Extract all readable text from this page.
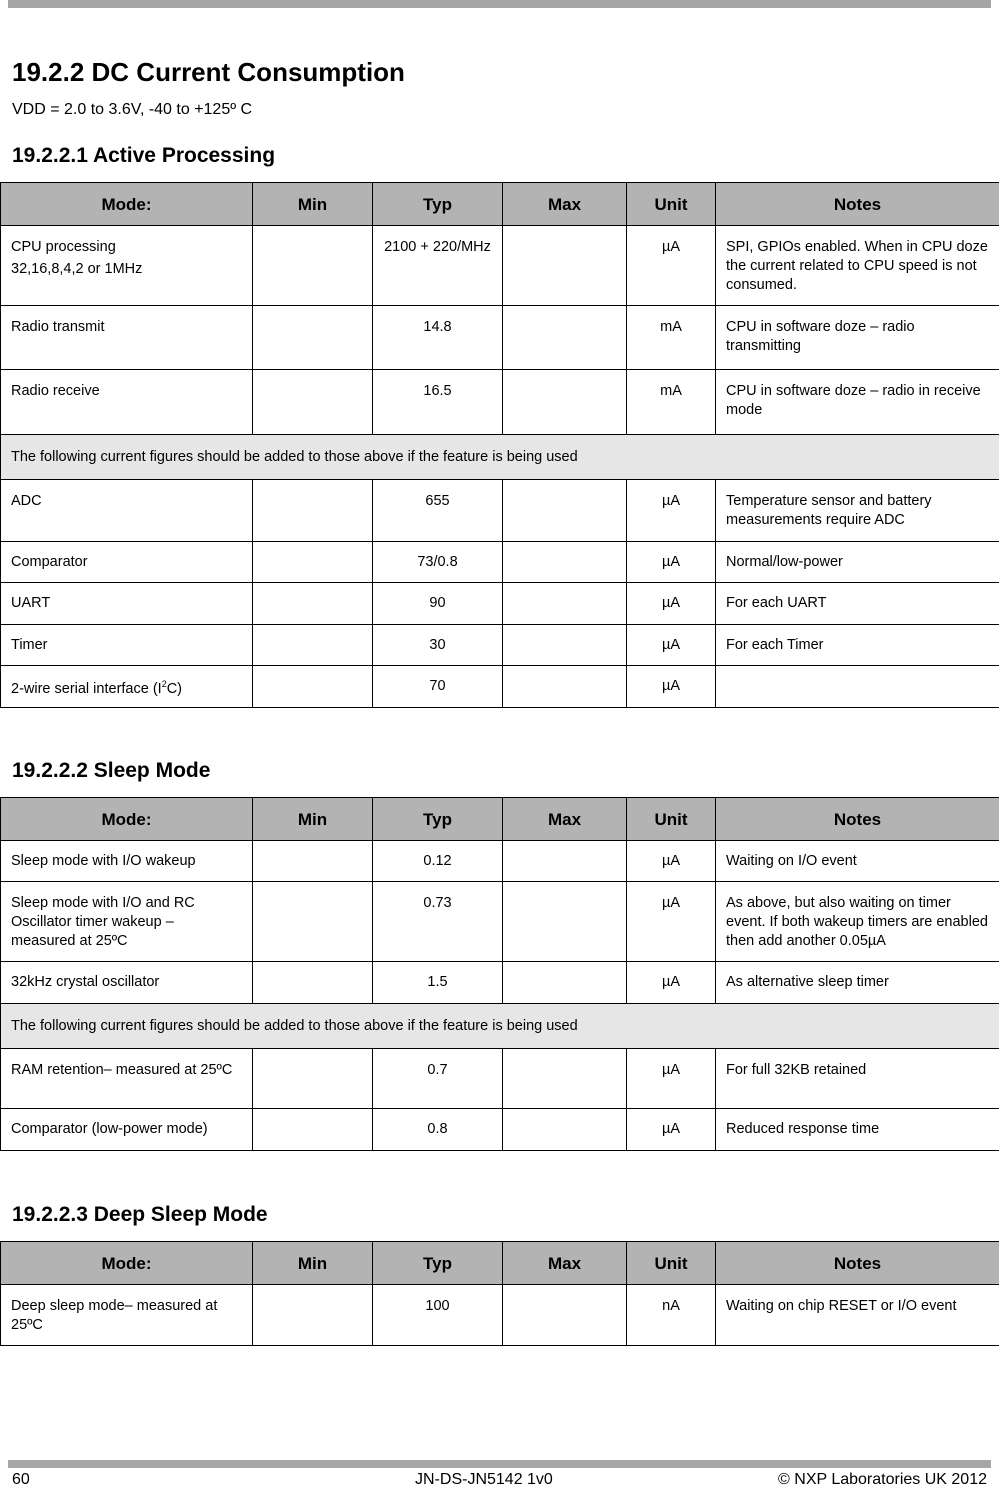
19.2.2 DC Current Consumption

VDD = 2.0 to 3.6V, -40 to +125º C

19.2.2.1 Active Processing
Mode:	Min	Typ	Max	Unit	Notes
CPU processing
32,16,8,4,2 or 1MHz		2100 + 220/MHz		µA	SPI, GPIOs enabled. When in CPU doze the current related to CPU speed is not consumed.
Radio transmit		14.8		mA	CPU in software doze – radio transmitting
Radio receive		16.5		mA	CPU in software doze – radio in receive mode
The following current figures should be added to those above if the feature is being used					
ADC		655		µA	Temperature sensor and battery measurements require ADC
Comparator		73/0.8		µA	Normal/low-power
UART		90		µA	For each UART
Timer		30		µA	For each Timer
2-wire serial interface $(I^2C)$		70		µA	
19.2.2.2 Sleep Mode
Mode:	Min	Typ	Max	Unit	Notes
Sleep mode with I/O wakeup		0.12		µA	Waiting on I/O event
Sleep mode with I/O and RC Oscillator timer wakeup – measured at 25ºC		0.73		µA	As above, but also waiting on timer event. If both wakeup timers are enabled then add another 0.05µA
32kHz crystal oscillator		1.5		µA	As alternative sleep timer
The following current figures should be added to those above if the feature is being used					
RAM retention– measured at 25ºC		0.7		µA	For full 32KB retained
Comparator (low-power mode)		0.8		µA	Reduced response time
19.2.2.3 Deep Sleep Mode
Mode:	Min	Typ	Max	Unit	Notes
Deep sleep mode– measured at 25ºC		100		nA	Waiting on chip RESET or I/O event
60	JN-DS-JN5142 1v0	© NXP Laboratories UK 2012
